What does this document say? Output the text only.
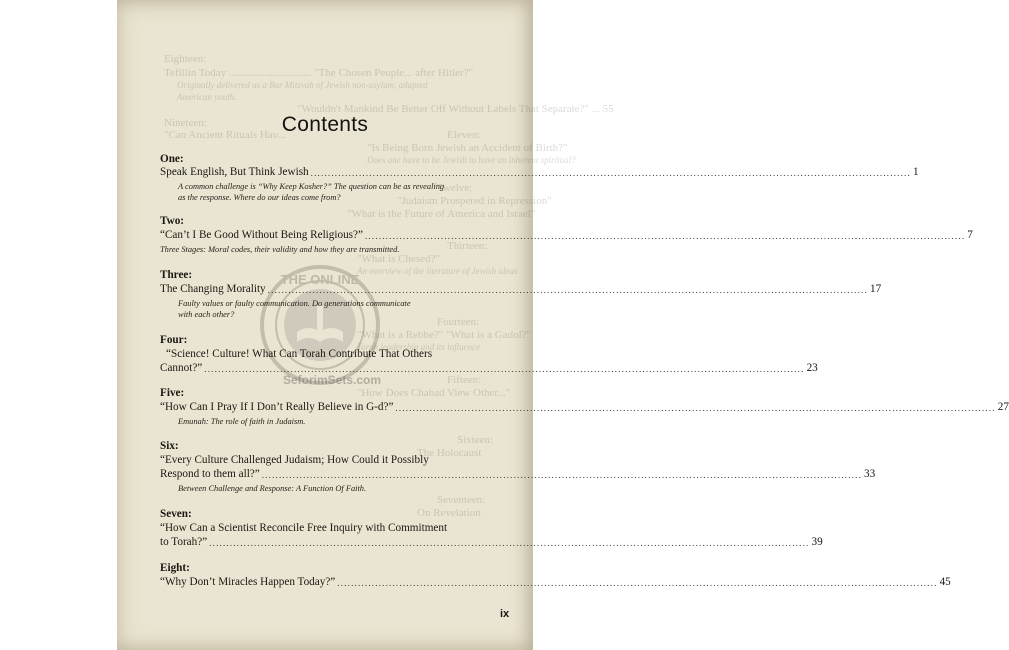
Eighteen:
Tefillin Today .............................. "The Chosen People... after Hitler?"
Originally delivered as a Bar Mitzvah of Jewish non-asylum, adapted
American youth.
"Wouldn't Mankind Be Better Off Without Labels That Separate?" ... 55
Nineteen:
"Can Ancient Rituals Hav...	Eleven:
"Is Being Born Jewish an Accident of Birth?"
Does one have to be Jewish to have an inherent spiritual?
Twelve:
"Judaism Prospered in Repression"
"What is the Future of America and Israel"
Thirteen:
"What is Chesed?"
An overview of the literature of Jewish ideas
Fourteen:
"What is a Rebbe?" "What is a Gadol?"
Torah leadership and its influence
Fifteen:
"How Does Chabad View Other..."
Sixteen:
The Holocaust
Seventeen:
On Revelation
THE ONLINE
SeforimSets.com
Contents
One:
Speak English, But Think Jewish .............................................................................................................................................................................. 1
A common challenge is “Why Keep Kosher?” The question can be as revealing
as the response. Where do our ideas come from?
Two:
“Can’t I Be Good Without Being Religious?” .............................................................................................................................................................................. 7
Three Stages: Moral codes, their validity and how they are transmitted.
Three:
The Changing Morality .............................................................................................................................................................................. 17
Faulty values or faulty communication. Do generations communicate
with each other?
Four:
“Science! Culture! What Can Torah Contribute That Others
Cannot?” .............................................................................................................................................................................. 23
Five:
“How Can I Pray If I Don’t Really Believe in G-d?” .............................................................................................................................................................................. 27
Emunah: The role of faith in Judaism.
Six:
“Every Culture Challenged Judaism; How Could it Possibly
Respond to them all?” .............................................................................................................................................................................. 33
Between Challenge and Response: A Function Of Faith.
Seven:
“How Can a Scientist Reconcile Free Inquiry with Commitment
to Torah?” .............................................................................................................................................................................. 39
Eight:
“Why Don’t Miracles Happen Today?” .............................................................................................................................................................................. 45
ix
